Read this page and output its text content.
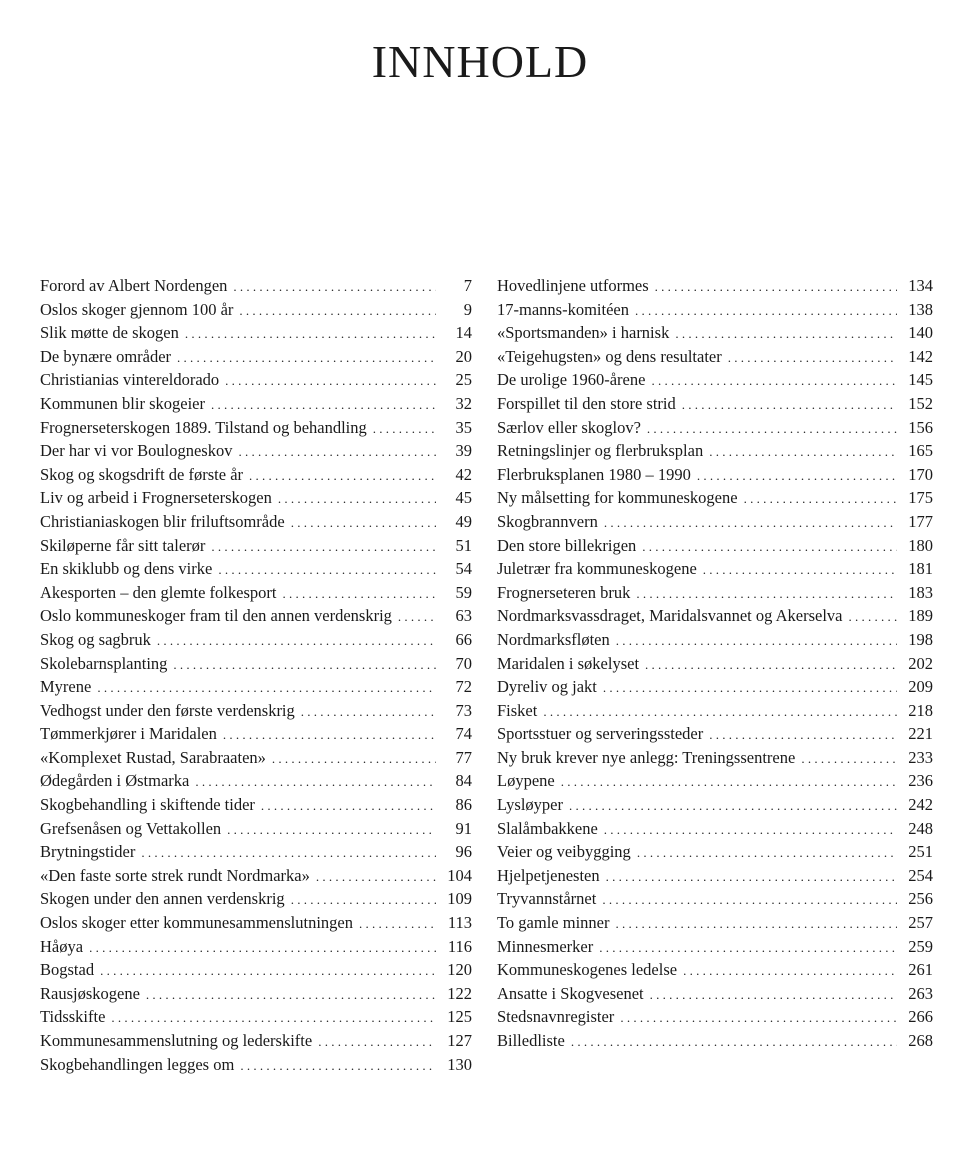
INNHOLD
Forord av Albert Nordengen . . .	7
Oslos skoger gjennom 100 år . . .	9
Slik møtte de skogen . . .	14
De bynære områder . . .	20
Christianias vintereldorado . . .	25
Kommunen blir skogeier . . .	32
Frognerseterskogen 1889. Tilstand og behandling . . .	35
Der har vi vor Boulogneskov . . .	39
Skog og skogsdrift de første år . . .	42
Liv og arbeid i Frognerseterskogen . . .	45
Christianiaskogen blir friluftsområde . . .	49
Skiløperne får sitt talerør . . .	51
En skiklubb og dens virke . . .	54
Akesporten – den glemte folkesport . . .	59
Oslo kommuneskoger fram til den annen verdenskrig . . .	63
Skog og sagbruk . . .	66
Skolebarnsplanting . . .	70
Myrene . . .	72
Vedhogst under den første verdenskrig . . .	73
Tømmerkjører i Maridalen . . .	74
«Komplexet Rustad, Sarabraaten» . . .	77
Ødegården i Østmarka . . .	84
Skogbehandling i skiftende tider . . .	86
Grefsenåsen og Vettakollen . . .	91
Brytningstider . . .	96
«Den faste sorte strek rundt Nordmarka» . . .	104
Skogen under den annen verdenskrig . . .	109
Oslos skoger etter kommunesammenslutningen . . .	113
Håøya . . .	116
Bogstad . . .	120
Rausjøskogene . . .	122
Tidsskifte . . .	125
Kommunesammenslutning og lederskifte . . .	127
Skogbehandlingen legges om . . .	130
Hovedlinjene utformes . . .	134
17-manns-komitéen . . .	138
«Sportsmanden» i harnisk . . .	140
«Teigehugsten» og dens resultater . . .	142
De urolige 1960-årene . . .	145
Forspillet til den store strid . . .	152
Særlov eller skoglov? . . .	156
Retningslinjer og flerbruksplan . . .	165
Flerbruksplanen 1980 – 1990 . . .	170
Ny målsetting for kommuneskogene . . .	175
Skogbrannvern . . .	177
Den store billekrigen . . .	180
Juletrær fra kommuneskogene . . .	181
Frognerseteren bruk . . .	183
Nordmarksvassdraget, Maridalsvannet og Akerselva . . .	189
Nordmarksfløten . . .	198
Maridalen i søkelyset . . .	202
Dyreliv og jakt . . .	209
Fisket . . .	218
Sportsstuer og serveringssteder . . .	221
Ny bruk krever nye anlegg: Treningssentrene . . .	233
Løypene . . .	236
Lysløyper . . .	242
Slalåmbakkene . . .	248
Veier og veibygging . . .	251
Hjelpetjenesten . . .	254
Tryvannstårnet . . .	256
To gamle minner . . .	257
Minnesmerker . . .	259
Kommuneskogenes ledelse . . .	261
Ansatte i Skogvesenet . . .	263
Stedsnavnregister . . .	266
Billedliste . . .	268
